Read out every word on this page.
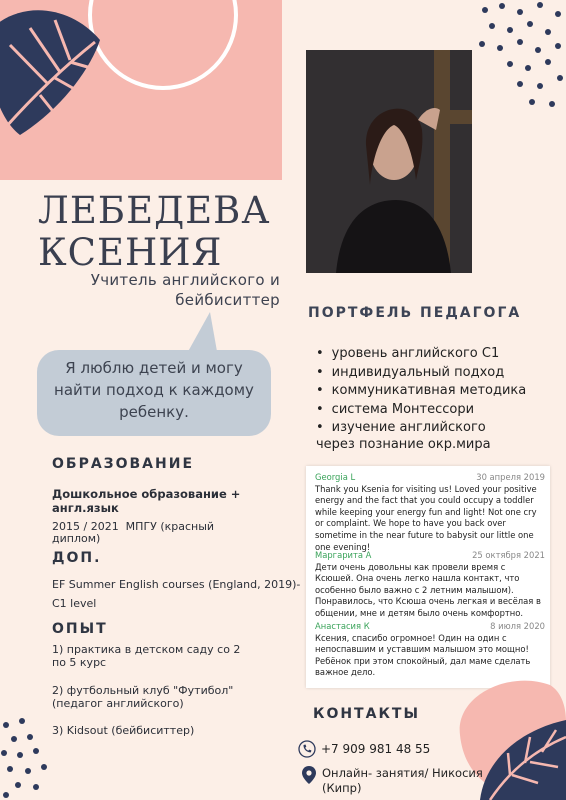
ЛЕБЕДЕВА
КСЕНИЯ
Учитель английского и
бейбиситтер
Я люблю детей и могу
найти подход к каждому
ребенку.
ПОРТФЕЛЬ ПЕДАГОГА
• уровень английского С1
• индивидуальный подход
• коммуникативная методика
• система Монтессори
• изучение английского
через познание окр.мира
Georgia L	30 апреля 2019
Thank you Ksenia for visiting us! Loved your positive energy and the fact that you could occupy a toddler while keeping your energy fun and light! Not one cry or complaint. We hope to have you back over sometime in the near future to babysit our little one one evening!
Маргарита А	25 октября 2021
Дети очень довольны как провели время с Ксюшей. Она очень легко нашла контакт, что особенно было важно с 2 летним малышом). Понравилось, что Ксюша очень легкая и весёлая в общении, мне и детям было очень комфортно.
Анастасия К	8 июля 2020
Ксения, спасибо огромное! Один на один с непоспавшим и уставшим малышом это мощно! Ребёнок при этом спокойный, дал маме сделать важное дело.
ОБРАЗОВАНИЕ
Дошкольное образование +
англ.язык
2015 / 2021  МПГУ (красный
диплом)
ДОП.
EF Summer English courses (England, 2019)-
C1 level
ОПЫТ
1) практика в детском саду со 2
по 5 курс
2) футбольный клуб "Футибол"
(педагог английского)
3) Kidsout (бейбиситтер)
КОНТАКТЫ
+7 909 981 48 55
Онлайн- занятия/ Никосия
(Кипр)
